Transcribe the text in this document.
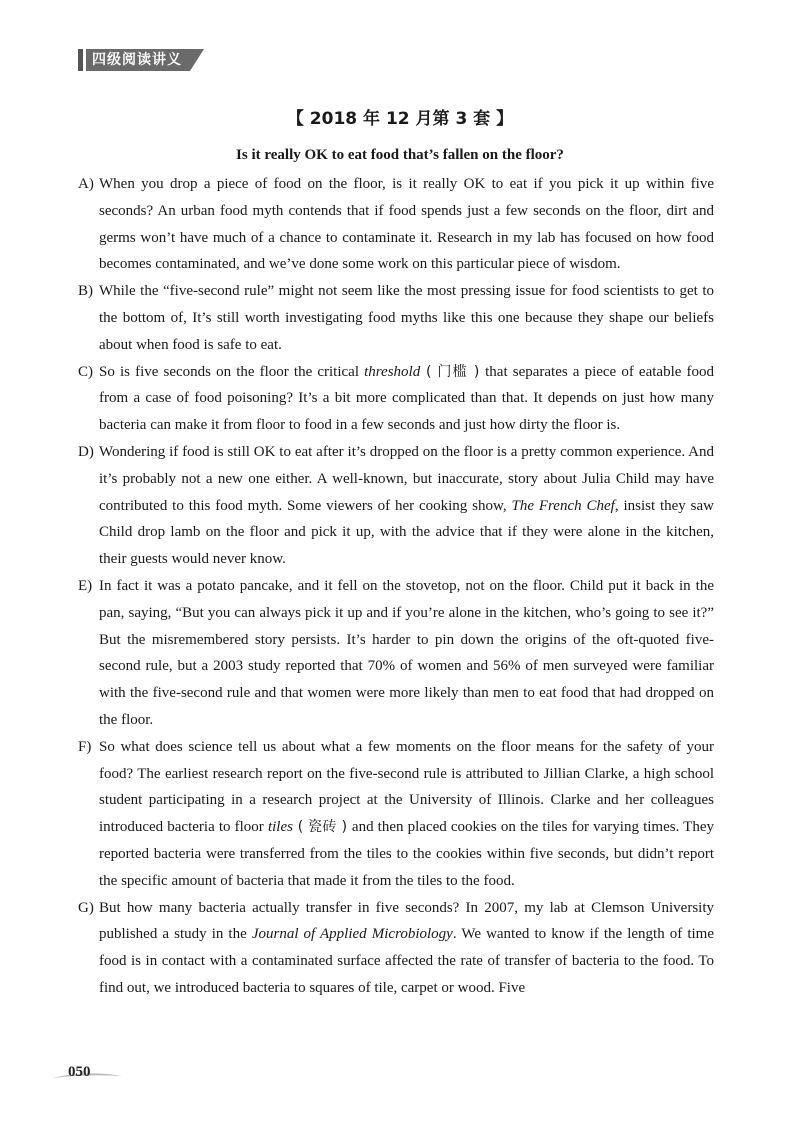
四级阅读讲义
【 2018 年 12 月第 3 套 】
Is it really OK to eat food that’s fallen on the floor?

A) When you drop a piece of food on the floor, is it really OK to eat if you pick it up within five seconds? An urban food myth contends that if food spends just a few seconds on the floor, dirt and germs won’t have much of a chance to contaminate it. Research in my lab has focused on how food becomes contaminated, and we’ve done some work on this particular piece of wisdom.

B) While the “five-second rule” might not seem like the most pressing issue for food scientists to get to the bottom of, It’s still worth investigating food myths like this one because they shape our beliefs about when food is safe to eat.

C) So is five seconds on the floor the critical threshold ( 门槛 ) that separates a piece of eatable food from a case of food poisoning? It’s a bit more complicated than that. It depends on just how many bacteria can make it from floor to food in a few seconds and just how dirty the floor is.

D) Wondering if food is still OK to eat after it’s dropped on the floor is a pretty common experience. And it’s probably not a new one either. A well-known, but inaccurate, story about Julia Child may have contributed to this food myth. Some viewers of her cooking show, The French Chef, insist they saw Child drop lamb on the floor and pick it up, with the advice that if they were alone in the kitchen, their guests would never know.

E) In fact it was a potato pancake, and it fell on the stovetop, not on the floor. Child put it back in the pan, saying, “But you can always pick it up and if you’re alone in the kitchen, who’s going to see it?” But the misremembered story persists. It’s harder to pin down the origins of the oft-quoted five-second rule, but a 2003 study reported that 70% of women and 56% of men surveyed were familiar with the five-second rule and that women were more likely than men to eat food that had dropped on the floor.

F) So what does science tell us about what a few moments on the floor means for the safety of your food? The earliest research report on the five-second rule is attributed to Jillian Clarke, a high school student participating in a research project at the University of Illinois. Clarke and her colleagues introduced bacteria to floor tiles ( 瓷砖 ) and then placed cookies on the tiles for varying times. They reported bacteria were transferred from the tiles to the cookies within five seconds, but didn’t report the specific amount of bacteria that made it from the tiles to the food.

G) But how many bacteria actually transfer in five seconds? In 2007, my lab at Clemson University published a study in the Journal of Applied Microbiology. We wanted to know if the length of time food is in contact with a contaminated surface affected the rate of transfer of bacteria to the food. To find out, we introduced bacteria to squares of tile, carpet or wood. Five

050
